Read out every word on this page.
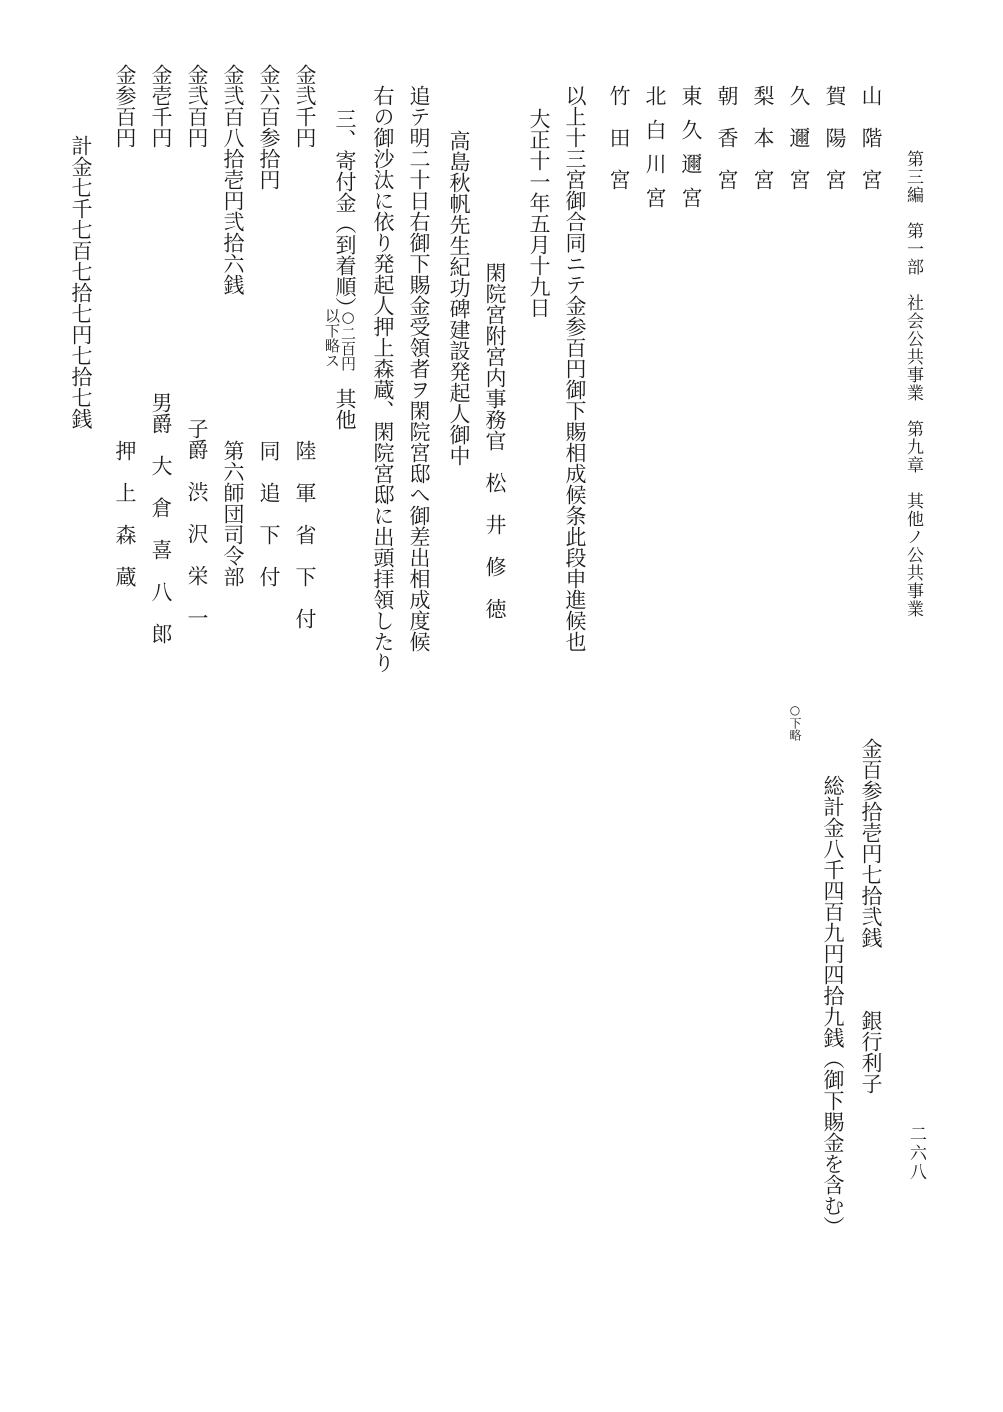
第三編　第一部　社会公共事業　第九章　其他ノ公共事業
二六八
山　階　宮
賀　陽　宮
久　邇　宮
梨　本　宮
朝　香　宮
東　久　邇　宮
北　白　川　宮
竹　田　宮
以上十三宮御合同ニテ金参百円御下賜相成候条此段申進候也
大正十一年五月十九日
閑院宮附宮内事務官　松　井　修　徳
高島秋帆先生紀功碑建設発起人御中
追テ明二十日右御下賜金受領者ヲ閑院宮邸へ御差出相成度候
右の御沙汰に依り発起人押上森蔵、閑院宮邸に出頭拝領したり
三、寄付金（到着順）
○二百円
以下略ス
其他
金弐千円
金六百参拾円
金弐百八拾壱円弐拾六銭
金弐百円
金壱千円
金参百円
陸　軍　省　下　付
同　追　下　付
第六師団司令部
子爵　渋　沢　栄　一
男爵　大　倉　喜　八　郎
押　上　森　蔵
計金七千七百七拾七円七拾七銭
金百参拾壱円七拾弐銭
銀行利子
総計金八千四百九円四拾九銭（御下賜金を含む）
○下略
